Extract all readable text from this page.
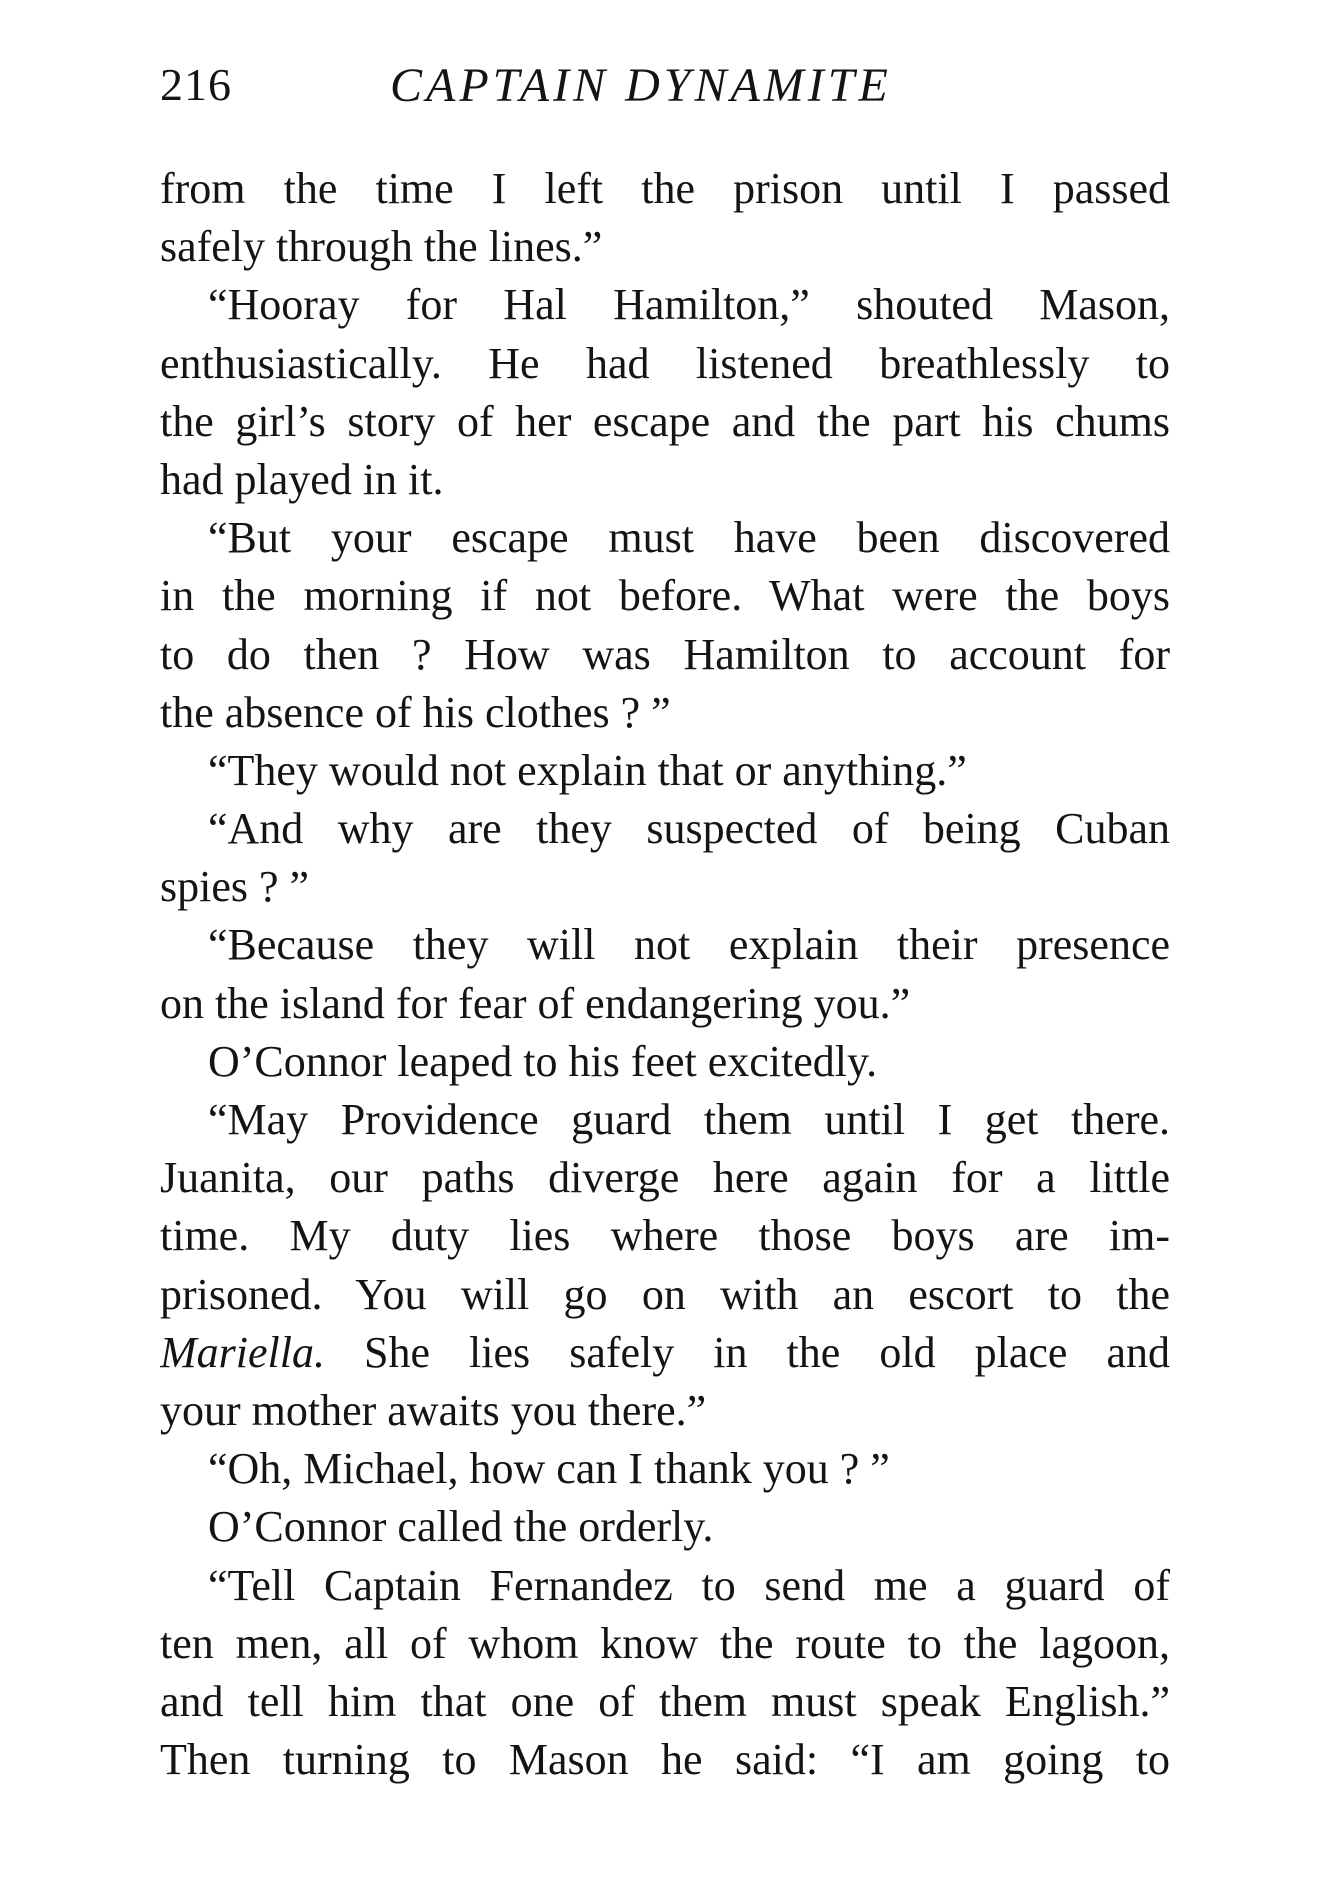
216	CAPTAIN DYNAMITE
from the time I left the prison until I passed
safely through the lines.”
“Hooray for Hal Hamilton,” shouted Mason,
enthusiastically. He had listened breathlessly to
the girl’s story of her escape and the part his chums
had played in it.
“But your escape must have been discovered
in the morning if not before. What were the boys
to do then ? How was Hamilton to account for
the absence of his clothes ? ”
“They would not explain that or anything.”
“And why are they suspected of being Cuban
spies ? ”
“Because they will not explain their presence
on the island for fear of endangering you.”
O’Connor leaped to his feet excitedly.
“May Providence guard them until I get there.
Juanita, our paths diverge here again for a little
time. My duty lies where those boys are im-
prisoned. You will go on with an escort to the
Mariella. She lies safely in the old place and
your mother awaits you there.”
“Oh, Michael, how can I thank you ? ”
O’Connor called the orderly.
“Tell Captain Fernandez to send me a guard of
ten men, all of whom know the route to the lagoon,
and tell him that one of them must speak English.”
Then turning to Mason he said: “I am going to
